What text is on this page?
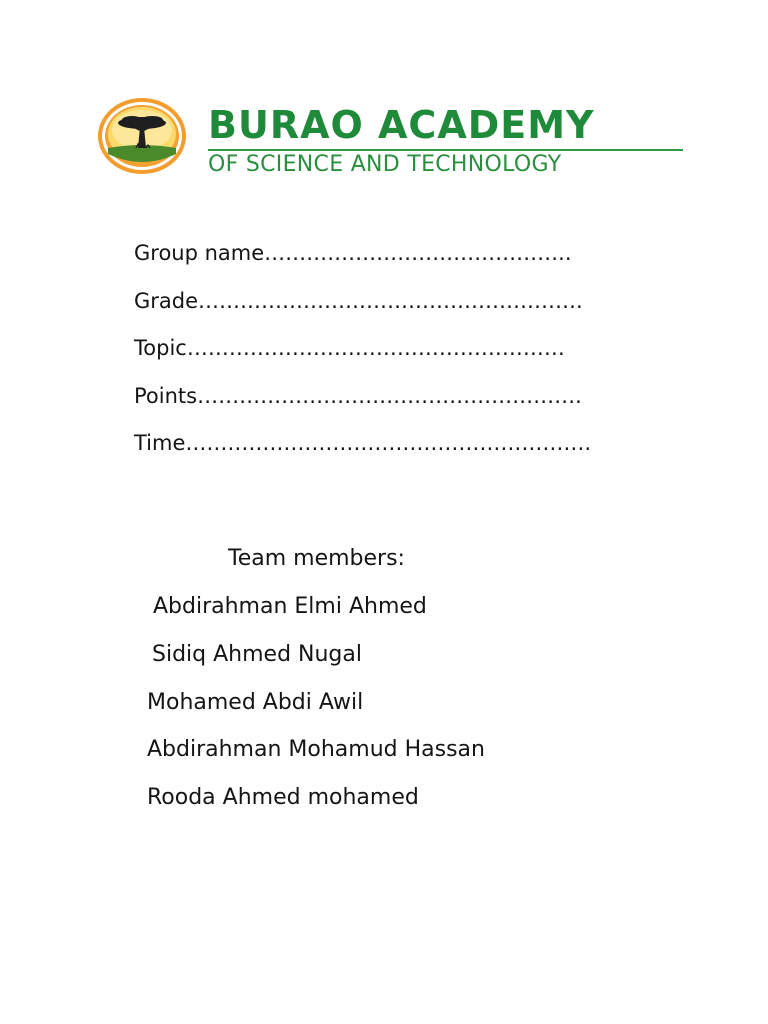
BURAO ACADEMY
OF SCIENCE AND TECHNOLOGY
Group name……………………………………..
Grade……………………………………………….
Topic………………………………………………
Points……………………………………………….
Time………………………………………………….
Team members:
Abdirahman Elmi Ahmed
Sidiq Ahmed Nugal
Mohamed Abdi Awil
Abdirahman Mohamud Hassan
Rooda Ahmed mohamed
